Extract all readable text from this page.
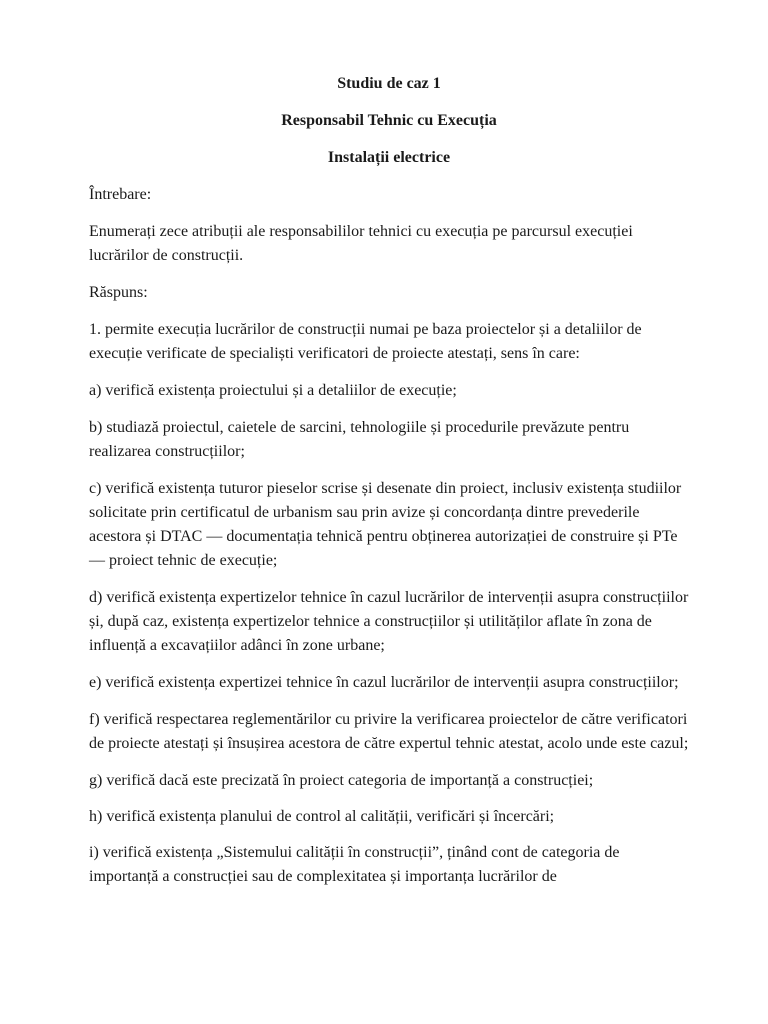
Studiu de caz 1
Responsabil Tehnic cu Execuția
Instalații electrice
Întrebare:
Enumerați zece atribuții ale responsabililor tehnici cu execuția pe parcursul execuției lucrărilor de construcții.
Răspuns:
1. permite execuția lucrărilor de construcții numai pe baza proiectelor și a detaliilor de execuție verificate de specialiști verificatori de proiecte atestați, sens în care:
a) verifică existența proiectului și a detaliilor de execuție;
b) studiază proiectul, caietele de sarcini, tehnologiile și procedurile prevăzute pentru realizarea construcțiilor;
c) verifică existența tuturor pieselor scrise și desenate din proiect, inclusiv existența studiilor solicitate prin certificatul de urbanism sau prin avize și concordanța dintre prevederile acestora și DTAC — documentația tehnică pentru obținerea autorizației de construire și PTe — proiect tehnic de execuție;
d) verifică existența expertizelor tehnice în cazul lucrărilor de intervenții asupra construcțiilor și, după caz, existența expertizelor tehnice a construcțiilor și utilităților aflate în zona de influență a excavațiilor adânci în zone urbane;
e) verifică existența expertizei tehnice în cazul lucrărilor de intervenții asupra construcțiilor;
f) verifică respectarea reglementărilor cu privire la verificarea proiectelor de către verificatori de proiecte atestați și însușirea acestora de către expertul tehnic atestat, acolo unde este cazul;
g) verifică dacă este precizată în proiect categoria de importanță a construcției;
h) verifică existența planului de control al calității, verificări și încercări;
i) verifică existența „Sistemului calității în construcții”, ținând cont de categoria de importanță a construcției sau de complexitatea și importanța lucrărilor de
